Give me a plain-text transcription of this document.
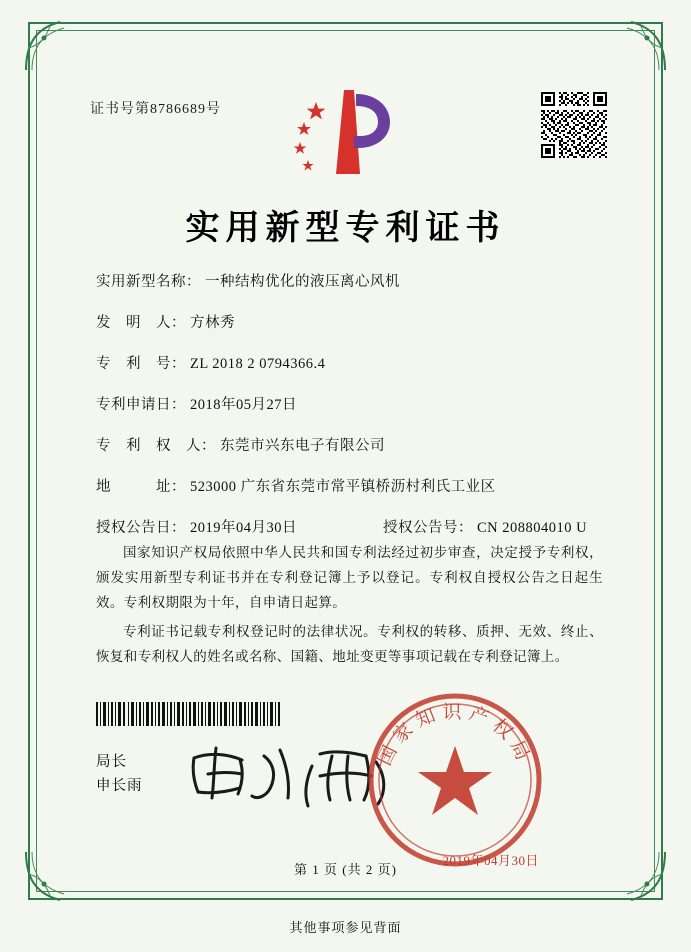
证书号第8786689号
实用新型专利证书
实用新型名称： 一种结构优化的液压离心风机
发　明　人： 方林秀
专　利　号： ZL 2018 2 0794366.4
专利申请日： 2018年05月27日
专　利　权　人： 东莞市兴东电子有限公司
地　　　址： 523000 广东省东莞市常平镇桥沥村利氏工业区
授权公告日： 2019年04月30日	授权公告号： CN 208804010 U

国家知识产权局依照中华人民共和国专利法经过初步审查，决定授予专利权，颁发实用新型专利证书并在专利登记簿上予以登记。专利权自授权公告之日起生效。专利权期限为十年，自申请日起算。

专利证书记载专利权登记时的法律状况。专利权的转移、质押、无效、终止、恢复和专利权人的姓名或名称、国籍、地址变更等事项记载在专利登记簿上。

局长
申长雨
国家知识产权局
2019年04月30日
第 1 页 (共 2 页)
其他事项参见背面
